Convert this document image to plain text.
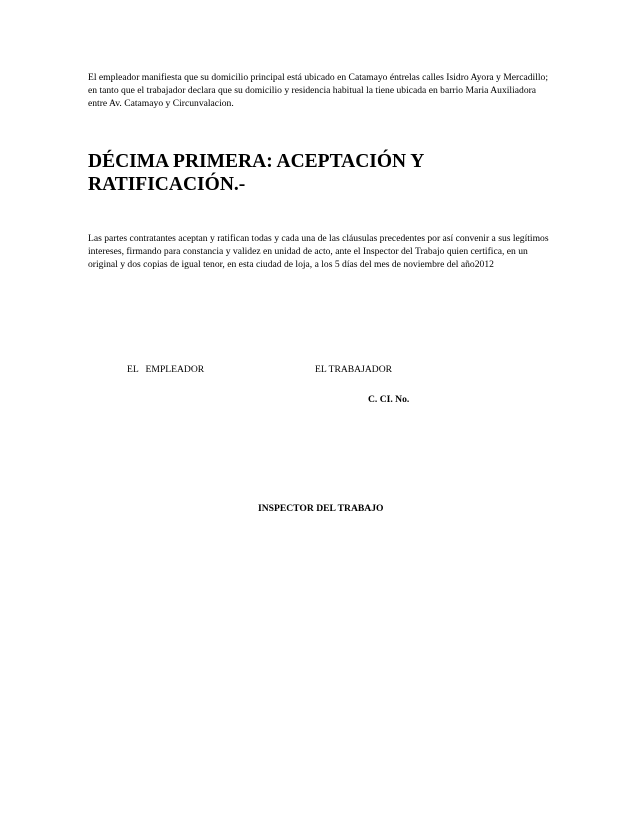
El empleador manifiesta que su domicilio principal está ubicado en Catamayo éntrelas calles Isidro Ayora y Mercadillo;
en tanto que el trabajador declara que su domicilio y residencia habitual la tiene ubicada en barrio Maria Auxiliadora
entre Av. Catamayo y Circunvalacion.
DÉCIMA PRIMERA: ACEPTACIÓN Y
RATIFICACIÓN.-
Las partes contratantes aceptan y ratifican todas y cada una de las cláusulas precedentes por así convenir a sus legítimos
intereses, firmando para constancia y validez en unidad de acto, ante el Inspector del Trabajo quien certifica, en un
original y dos copias de igual tenor, en esta ciudad de loja, a los 5 días del mes de noviembre del año2012
EL   EMPLEADOR	EL TRABAJADOR
C. CI. No.
INSPECTOR DEL TRABAJO
